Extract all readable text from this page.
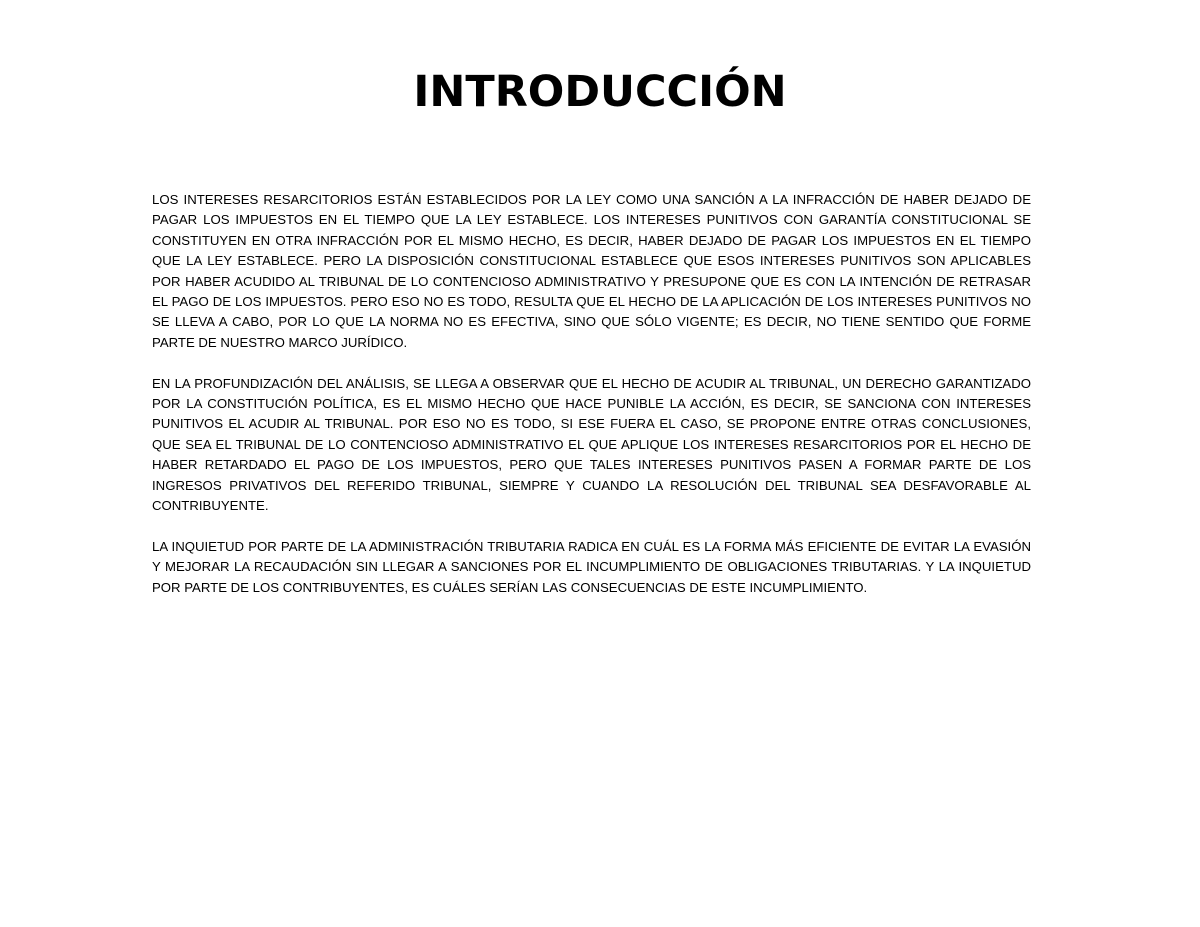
INTRODUCCIÓN

LOS INTERESES RESARCITORIOS ESTÁN ESTABLECIDOS POR LA LEY COMO UNA SANCIÓN A LA INFRACCIÓN DE HABER DEJADO DE PAGAR LOS IMPUESTOS EN EL TIEMPO QUE LA LEY ESTABLECE. LOS INTERESES PUNITIVOS CON GARANTÍA CONSTITUCIONAL SE CONSTITUYEN EN OTRA INFRACCIÓN POR EL MISMO HECHO, ES DECIR, HABER DEJADO DE PAGAR LOS IMPUESTOS EN EL TIEMPO QUE LA LEY ESTABLECE. PERO LA DISPOSICIÓN CONSTITUCIONAL ESTABLECE QUE ESOS INTERESES PUNITIVOS SON APLICABLES POR HABER ACUDIDO AL TRIBUNAL DE LO CONTENCIOSO ADMINISTRATIVO Y PRESUPONE QUE ES CON LA INTENCIÓN DE RETRASAR EL PAGO DE LOS IMPUESTOS. PERO ESO NO ES TODO, RESULTA QUE EL HECHO DE LA APLICACIÓN DE LOS INTERESES PUNITIVOS NO SE LLEVA A CABO, POR LO QUE LA NORMA NO ES EFECTIVA, SINO QUE SÓLO VIGENTE; ES DECIR, NO TIENE SENTIDO QUE FORME PARTE DE NUESTRO MARCO JURÍDICO.

EN LA PROFUNDIZACIÓN DEL ANÁLISIS, SE LLEGA A OBSERVAR QUE EL HECHO DE ACUDIR AL TRIBUNAL, UN DERECHO GARANTIZADO POR LA CONSTITUCIÓN POLÍTICA, ES EL MISMO HECHO QUE HACE PUNIBLE LA ACCIÓN, ES DECIR, SE SANCIONA CON INTERESES PUNITIVOS EL ACUDIR AL TRIBUNAL. POR ESO NO ES TODO, SI ESE FUERA EL CASO, SE PROPONE ENTRE OTRAS CONCLUSIONES, QUE SEA EL TRIBUNAL DE LO CONTENCIOSO ADMINISTRATIVO EL QUE APLIQUE LOS INTERESES RESARCITORIOS POR EL HECHO DE HABER RETARDADO EL PAGO DE LOS IMPUESTOS, PERO QUE TALES INTERESES PUNITIVOS PASEN A FORMAR PARTE DE LOS INGRESOS PRIVATIVOS DEL REFERIDO TRIBUNAL, SIEMPRE Y CUANDO LA RESOLUCIÓN DEL TRIBUNAL SEA DESFAVORABLE AL CONTRIBUYENTE.

LA INQUIETUD POR PARTE DE LA ADMINISTRACIÓN TRIBUTARIA RADICA EN CUÁL ES LA FORMA MÁS EFICIENTE DE EVITAR LA EVASIÓN Y MEJORAR LA RECAUDACIÓN SIN LLEGAR A SANCIONES POR EL INCUMPLIMIENTO DE OBLIGACIONES TRIBUTARIAS. Y LA INQUIETUD POR PARTE DE LOS CONTRIBUYENTES, ES CUÁLES SERÍAN LAS CONSECUENCIAS DE ESTE INCUMPLIMIENTO.
